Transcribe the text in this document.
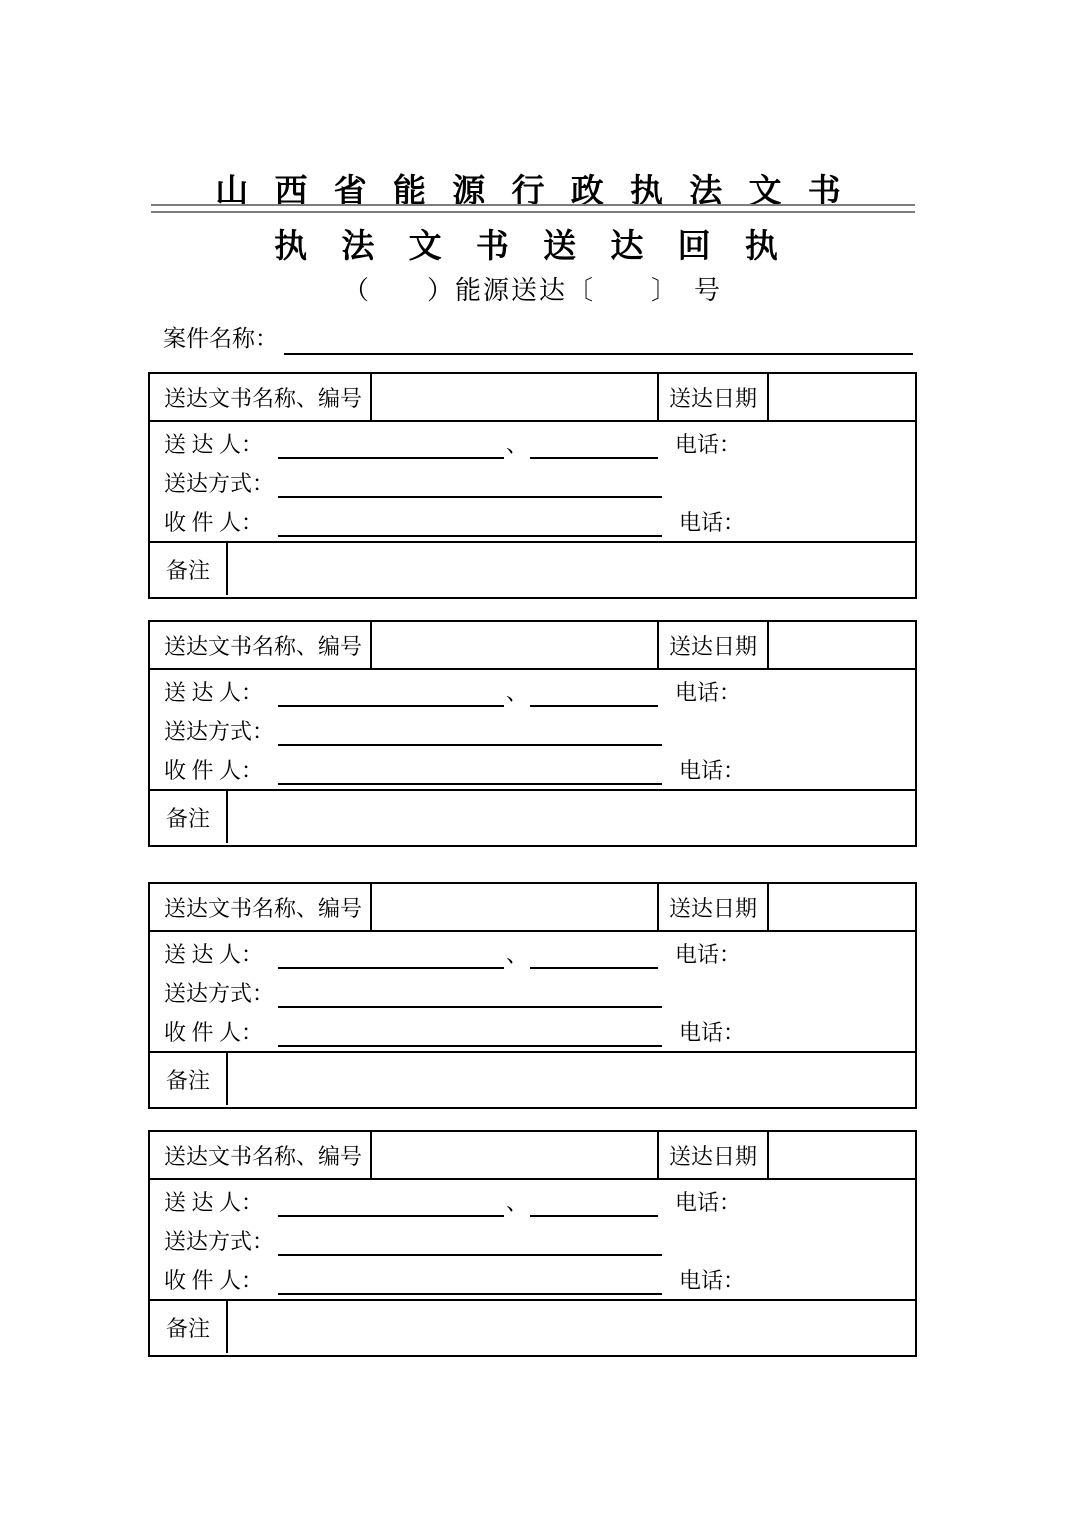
山 西 省 能 源 行 政 执 法 文 书
执 法 文 书 送 达 回 执
（　　）能源送达〔　　〕　号
案件名称：
送达文书名称、编号	送达日期
送 达 人：	、	电话：
送达方式：
收 件 人：	电话：
备注
送达文书名称、编号	送达日期
送 达 人：	、	电话：
送达方式：
收 件 人：	电话：
备注
送达文书名称、编号	送达日期
送 达 人：	、	电话：
送达方式：
收 件 人：	电话：
备注
送达文书名称、编号	送达日期
送 达 人：	、	电话：
送达方式：
收 件 人：	电话：
备注
